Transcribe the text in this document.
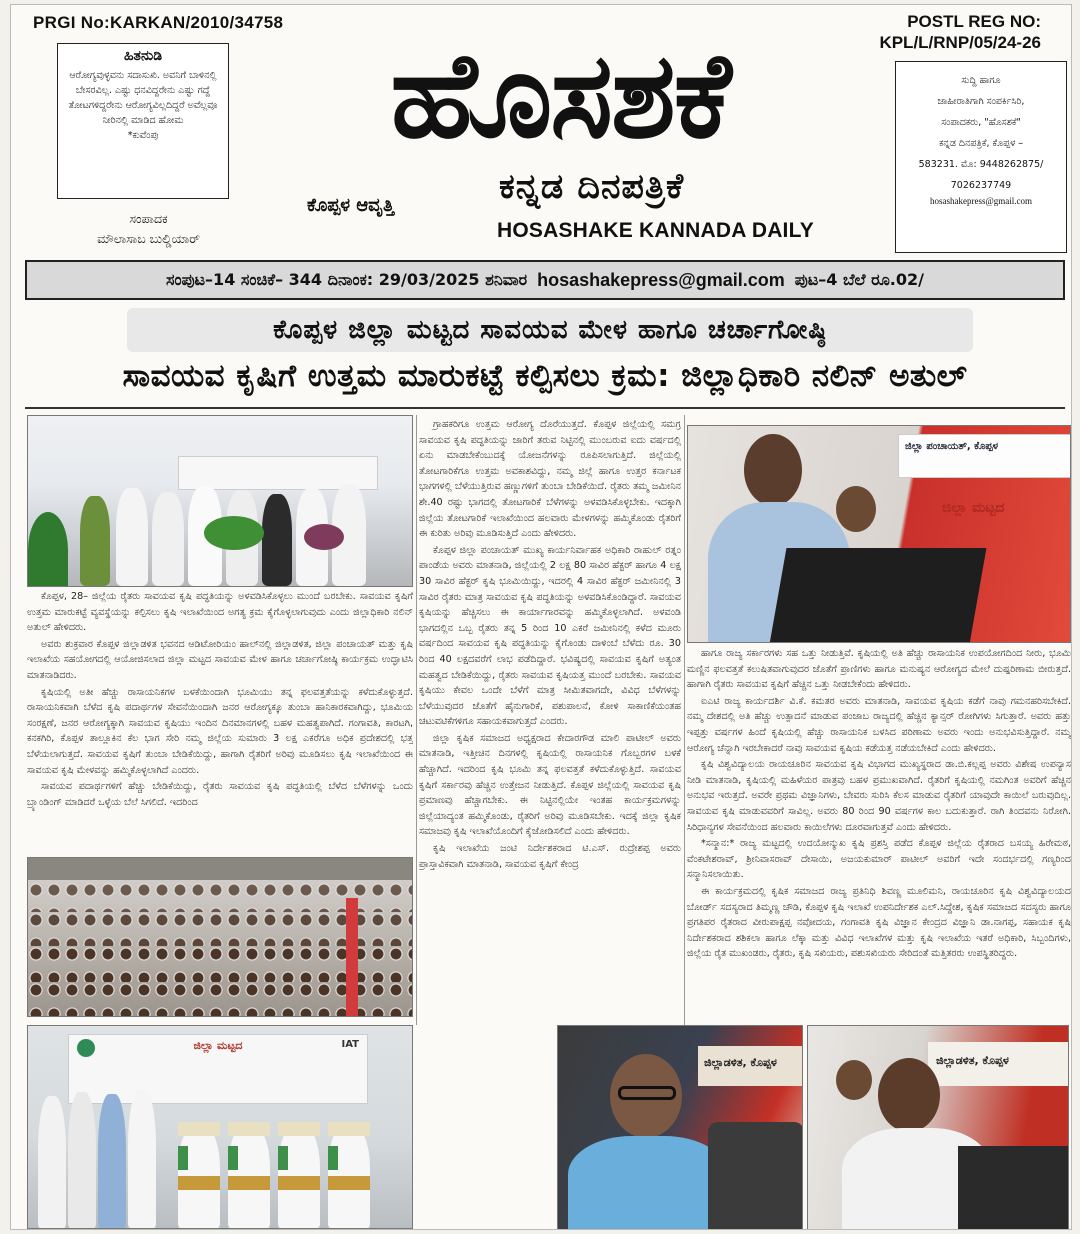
PRGI No:KARKAN/2010/34758	POSTL REG NO:
KPL/L/RNP/05/24-26
ಹಿತನುಡಿ
ಆರೋಗ್ಯವುಳ್ಳವನು ಸದಾಸುಖಿ. ಅವನಿಗೆ ಬಾಳಿನಲ್ಲಿ ಬೇಸರವಿಲ್ಲ. ಎಷ್ಟು ಧನವಿದ್ದರೇನು ಎಷ್ಟು ಗದ್ದೆ ತೋಟಗಳಿದ್ದರೇನು ಆರೋಗ್ಯವಿಲ್ಲದಿದ್ದರೆ ಅವೆಲ್ಲವೂ ನೀರಿನಲ್ಲಿ ಮಾಡಿದ ಹೋಮ
*ಕುವೆಂಪು
ಸಂಪಾದಕ
ಮೌಲಾಸಾಬ ಬುಲ್ಡಿಯಾರ್
ಹೊಸಶಕೆ
ಕನ್ನಡ ದಿನಪತ್ರಿಕೆ
ಕೊಪ್ಪಳ ಆವೃತ್ತಿ
HOSASHAKE KANNADA DAILY
ಸುದ್ದಿ ಹಾಗೂ
ಜಾಹೀರಾತಿಗಾಗಿ ಸಂಪರ್ಕಿಸಿರಿ,
ಸಂಪಾದಕರು, "ಹೊಸಶಕೆ"
ಕನ್ನಡ ದಿನಪತ್ರಿಕೆ, ಕೊಪ್ಪಳ –
583231. ಮೊ: 9448262875/
7026237749
hosashakepress@gmail.com
ಸಂಪುಟ–14 ಸಂಚಿಕೆ– 344 ದಿನಾಂಕ: 29/03/2025 ಶನಿವಾರ hosashakepress@gmail.com ಪುಟ–4 ಬೆಲೆ ರೂ.02/
ಕೊಪ್ಪಳ ಜಿಲ್ಲಾ ಮಟ್ಟದ ಸಾವಯವ ಮೇಳ ಹಾಗೂ ಚರ್ಚಾಗೋಷ್ಠಿ
ಸಾವಯವ ಕೃಷಿಗೆ ಉತ್ತಮ ಮಾರುಕಟ್ಟೆ ಕಲ್ಪಿಸಲು ಕ್ರಮ: ಜಿಲ್ಲಾಧಿಕಾರಿ ನಲಿನ್ ಅತುಲ್

ಕೊಪ್ಪಳ, 28– ಜಿಲ್ಲೆಯ ರೈತರು ಸಾವಯವ ಕೃಷಿ ಪದ್ಧತಿಯನ್ನು ಅಳವಡಿಸಿಕೊಳ್ಳಲು ಮುಂದೆ ಬರಬೇಕು. ಸಾವಯವ ಕೃಷಿಗೆ ಉತ್ತಮ ಮಾರುಕಟ್ಟೆ ವ್ಯವಸ್ಥೆಯನ್ನು ಕಲ್ಪಿಸಲು ಕೃಷಿ ಇಲಾಖೆಯಿಂದ ಅಗತ್ಯ ಕ್ರಮ ಕೈಗೊಳ್ಳಲಾಗುವುದು ಎಂದು ಜಿಲ್ಲಾಧಿಕಾರಿ ನಲಿನ್ ಅತುಲ್ ಹೇಳಿದರು.

ಅವರು ಶುಕ್ರವಾರ ಕೊಪ್ಪಳ ಜಿಲ್ಲಾಡಳಿತ ಭವನದ ಆಡಿಟೋರಿಯಂ ಹಾಲ್‌ನಲ್ಲಿ ಜಿಲ್ಲಾಡಳಿತ, ಜಿಲ್ಲಾ ಪಂಚಾಯತ್ ಮತ್ತು ಕೃಷಿ ಇಲಾಖೆಯ ಸಹಯೋಗದಲ್ಲಿ ಆಯೋಜಿಸಲಾದ ಜಿಲ್ಲಾ ಮಟ್ಟದ ಸಾವಯವ ಮೇಳ ಹಾಗೂ ಚರ್ಚಾಗೋಷ್ಠಿ ಕಾರ್ಯಕ್ರಮ ಉದ್ಘಾಟಿಸಿ ಮಾತನಾಡಿದರು.

ಕೃಷಿಯಲ್ಲಿ ಅತೀ ಹೆಚ್ಚು ರಾಸಾಯನಿಕಗಳ ಬಳಕೆಯಿಂದಾಗಿ ಭೂಮಿಯು ತನ್ನ ಫಲವತ್ತತೆಯನ್ನು ಕಳೆದುಕೊಳ್ಳುತ್ತದೆ. ರಾಸಾಯನಿಕವಾಗಿ ಬೆಳೆದ ಕೃಷಿ ಪದಾರ್ಥಗಳ ಸೇವನೆಯಿಂದಾಗಿ ಜನರ ಆರೋಗ್ಯಕ್ಕೂ ತುಂಬಾ ಹಾನಿಕಾರಕವಾಗಿದ್ದು, ಭೂಮಿಯ ಸಂರಕ್ಷಣೆ, ಜನರ ಆರೋಗ್ಯಕ್ಕಾಗಿ ಸಾವಯವ ಕೃಷಿಯು ಇಂದಿನ ದಿನಮಾನಗಳಲ್ಲಿ ಬಹಳ ಮಹತ್ವಪಾಗಿದೆ. ಗಂಗಾವತಿ, ಕಾರಟಗಿ, ಕನಕಗಿರಿ, ಕೊಪ್ಪಳ ತಾಲ್ಲೂಕಿನ ಕೆಲ ಭಾಗ ಸೇರಿ ನಮ್ಮ ಜಿಲ್ಲೆಯ ಸುಮಾರು 3 ಲಕ್ಷ ಎಕರೆಗೂ ಅಧಿಕ ಪ್ರದೇಶದಲ್ಲಿ ಭತ್ತ ಬೆಳೆಯಲಾಗುತ್ತದೆ. ಸಾವಯವ ಕೃಷಿಗೆ ತುಂಬಾ ಬೇಡಿಕೆಯಿದ್ದು, ಹಾಗಾಗಿ ರೈತರಿಗೆ ಅರಿವು ಮೂಡಿಸಲು ಕೃಷಿ ಇಲಾಖೆಯಿಂದ ಈ ಸಾವಯವ ಕೃಷಿ ಮೇಳವನ್ನು ಹಮ್ಮಿಕೊಳ್ಳಲಾಗಿದೆ ಎಂದರು.

ಸಾವಯವ ಪದಾರ್ಥಗಳಿಗೆ ಹೆಚ್ಚು ಬೇಡಿಕೆಯಿದ್ದು, ರೈತರು ಸಾವಯವ ಕೃಷಿ ಪದ್ಧತಿಯಲ್ಲಿ ಬೆಳೆದ ಬೆಳೆಗಳನ್ನು ಒಂದು ಬ್ರ್ಯಾಂಡಿಂಗ್ ಮಾಡಿದರೆ ಒಳ್ಳೆಯ ಬೆಲೆ ಸಿಗಲಿದೆ. ಇದರಿಂದ

ಜಿಲ್ಲಾ ಮಟ್ಟದ	IAT

ಗ್ರಾಹಕರಿಗೂ ಉತ್ತಮ ಆರೋಗ್ಯ ದೊರೆಯುತ್ತದೆ. ಕೊಪ್ಪಳ ಜಿಲ್ಲೆಯಲ್ಲಿ ಸಮಗ್ರ ಸಾವಯವ ಕೃಷಿ ಪದ್ಧತಿಯನ್ನು ಜಾರಿಗೆ ತರುವ ನಿಟ್ಟಿನಲ್ಲಿ ಮುಂಬರುವ ಐದು ವರ್ಷದಲ್ಲಿ ಏನು ಮಾಡಬೇಕೆಂಬುದಕ್ಕೆ ಯೋಜನೆಗಳನ್ನು ರೂಪಿಸಲಾಗುತ್ತಿದೆ. ಜಿಲ್ಲೆಯಲ್ಲಿ ತೋಟಗಾರಿಕೆಗೂ ಉತ್ತಮ ಅವಕಾಶವಿದ್ದು, ನಮ್ಮ ಜಿಲ್ಲೆ ಹಾಗೂ ಉತ್ತರ ಕರ್ನಾಟಕ ಭಾಗಗಳಲ್ಲಿ ಬೆಳೆಯುತ್ತಿರುವ ಹಣ್ಣುಗಳಿಗೆ ತುಂಬಾ ಬೇಡಿಕೆಯಿದೆ. ರೈತರು ತಮ್ಮ ಜಮೀನಿನ ಶೇ.40 ರಷ್ಟು ಭಾಗದಲ್ಲಿ ತೋಟಗಾರಿಕೆ ಬೆಳೆಗಳನ್ನು ಅಳವಡಿಸಿಕೊಳ್ಳಬೇಕು. ಇದಕ್ಕಾಗಿ ಜಿಲ್ಲೆಯ ತೋಟಗಾರಿಕೆ ಇಲಾಖೆಯಿಂದ ಹಲವಾರು ಮೇಳಗಳನ್ನು ಹಮ್ಮಿಕೊಂಡು ರೈತರಿಗೆ ಈ ಕುರಿತು ಅರಿವು ಮೂಡಿಸುತ್ತಿದೆ ಎಂದು ಹೇಳಿದರು.

ಕೊಪ್ಪಳ ಜಿಲ್ಲಾ ಪಂಚಾಯತ್ ಮುಖ್ಯ ಕಾರ್ಯನಿರ್ವಾಹಕ ಅಧಿಕಾರಿ ರಾಹುಲ್ ರತ್ನಂ ಪಾಂಡೆಯ ಅವರು ಮಾತನಾಡಿ, ಜಿಲ್ಲೆಯಲ್ಲಿ 2 ಲಕ್ಷ 80 ಸಾವಿರ ಹೆಕ್ಟರ್ ಹಾಗೂ 4 ಲಕ್ಷ 30 ಸಾವಿರ ಹೆಕ್ಟರ್ ಕೃಷಿ ಭೂಮಿಯಿದ್ದು, ಇದರಲ್ಲಿ 4 ಸಾವಿರ ಹೆಕ್ಟರ್ ಜಮೀನಿನಲ್ಲಿ 3 ಸಾವಿರ ರೈತರು ಮಾತ್ರ ಸಾವಯವ ಕೃಷಿ ಪದ್ಧತಿಯನ್ನು ಅಳವಡಿಸಿಕೊಂಡಿದ್ದಾರೆ. ಸಾವಯವ ಕೃಷಿಯನ್ನು ಹೆಚ್ಚಿಸಲು ಈ ಕಾರ್ಯಾಗಾರವನ್ನು ಹಮ್ಮಿಕೊಳ್ಳಲಾಗಿದೆ. ಅಳವಂಡಿ ಭಾಗದಲ್ಲಿನ ಒಬ್ಬ ರೈತರು ತನ್ನ 5 ರಿಂದ 10 ಎಕರೆ ಜಮೀನಿನಲ್ಲಿ ಕಳೆದ ಮೂರು ವರ್ಷದಿಂದ ಸಾವಯವ ಕೃಷಿ ಪದ್ಧತಿಯನ್ನು ಕೈಗೊಂಡು ದಾಳಿಂಬೆ ಬೆಳೆದು ರೂ. 30 ರಿಂದ 40 ಲಕ್ಷದವರೆಗೆ ಲಾಭ ಪಡೆದಿದ್ದಾರೆ. ಭವಿಷ್ಯದಲ್ಲಿ ಸಾವಯವ ಕೃಷಿಗೆ ಅತ್ಯಂತ ಮಹತ್ವದ ಬೇಡಿಕೆಯಿದ್ದು, ರೈತರು ಸಾವಯವ ಕೃಷಿಯತ್ತ ಮುಂದೆ ಬರಬೇಕು. ಸಾವಯವ ಕೃಷಿಯು ಕೇವಲ ಒಂದೇ ಬೆಳೆಗೆ ಮಾತ್ರ ಸೀಮಿತವಾಗದೇ, ವಿವಿಧ ಬೆಳೆಗಳನ್ನು ಬೆಳೆಯುವುದರ ಜೊತೆಗೆ ಹೈನುಗಾರಿಕೆ, ಪಶುಪಾಲನೆ, ಕೋಳಿ ಸಾಕಾಣಿಕೆಯಂತಹ ಚಟುವಟಿಕೆಗಳಿಗೂ ಸಹಾಯಕವಾಗುತ್ತದೆ ಎಂದರು.

ಜಿಲ್ಲಾ ಕೃಷಿಕ ಸಮಾಜದ ಅಧ್ಯಕ್ಷರಾದ ಕೇದಾರಗೌಡ ಮಾಲಿ ಪಾಟೀಲ್ ಅವರು ಮಾತನಾಡಿ, ಇತ್ತೀಚಿನ ದಿನಗಳಲ್ಲಿ ಕೃಷಿಯಲ್ಲಿ ರಾಸಾಯನಿಕ ಗೊಬ್ಬರಗಳ ಬಳಕೆ ಹೆಚ್ಚಾಗಿದೆ. ಇದರಿಂದ ಕೃಷಿ ಭೂಮಿ ತನ್ನ ಫಲವತ್ತತೆ ಕಳೆದುಕೊಳ್ಳುತ್ತಿದೆ. ಸಾವಯವ ಕೃಷಿಗೆ ಸರ್ಕಾರವು ಹೆಚ್ಚಿನ ಉತ್ತೇಜನ ನೀಡುತ್ತಿದೆ. ಕೊಪ್ಪಳ ಜಿಲ್ಲೆಯಲ್ಲಿ ಸಾವಯವ ಕೃಷಿ ಪ್ರಮಾಣವು ಹೆಚ್ಚಾಗಬೇಕು. ಈ ನಿಟ್ಟಿನಲ್ಲಿಯೇ ಇಂತಹ ಕಾರ್ಯಕ್ರಮಗಳನ್ನು ಜಿಲ್ಲೆಯಾದ್ಯಂತ ಹಮ್ಮಿಕೊಂಡು, ರೈತರಿಗೆ ಅರಿವು ಮೂಡಿಸಬೇಕು. ಇದಕ್ಕೆ ಜಿಲ್ಲಾ ಕೃಷಿಕ ಸಮಾಜವು ಕೃಷಿ ಇಲಾಖೆಯೊಂದಿಗೆ ಕೈಜೋಡಿಸಲಿದೆ ಎಂದು ಹೇಳಿದರು.

ಕೃಷಿ ಇಲಾಖೆಯ ಜಂಟಿ ನಿರ್ದೇಶಕರಾದ ಟಿ.ಎಸ್. ರುದ್ರೇಶಪ್ಪ ಅವರು ಪ್ರಾಸ್ತಾವಿಕವಾಗಿ ಮಾತನಾಡಿ, ಸಾವಯವ ಕೃಷಿಗೆ ಕೇಂದ್ರ

ಜಿಲ್ಲಾ ಪಂಚಾಯತ್, ಕೊಪ್ಪಳ
ಜಿಲ್ಲಾ ಮಟ್ಟದ

ಹಾಗೂ ರಾಜ್ಯ ಸರ್ಕಾರಗಳು ಸಹ ಒತ್ತು ನೀಡುತ್ತಿವೆ. ಕೃಷಿಯಲ್ಲಿ ಅತಿ ಹೆಚ್ಚು ರಾಸಾಯನಿಕ ಉಪಯೋಗದಿಂದ ನೀರು, ಭೂಮಿ ಮಣ್ಣಿನ ಫಲವತ್ತತೆ ಕಲುಷಿತವಾಗುವುದರ ಜೊತೆಗೆ ಪ್ರಾಣಿಗಳು ಹಾಗೂ ಮನುಷ್ಯನ ಆರೋಗ್ಯದ ಮೇಲೆ ದುಷ್ಪರಿಣಾಮ ಬೀರುತ್ತದೆ. ಹಾಗಾಗಿ ರೈತರು ಸಾವಯವ ಕೃಷಿಗೆ ಹೆಚ್ಚಿನ ಒತ್ತು ನೀಡಬೇಕೆಂದು ಹೇಳಿದರು.

ಐಎಟಿ ರಾಜ್ಯ ಕಾರ್ಯದರ್ಶಿ ವಿ.ಕೆ. ಕಮತರ ಅವರು ಮಾತನಾಡಿ, ಸಾವಯವ ಕೃಷಿಯ ಕಡೆಗೆ ನಾವು ಗಮನಹರಿಸಬೇಕಿದೆ. ನಮ್ಮ ದೇಶದಲ್ಲಿ ಅತಿ ಹೆಚ್ಚು ಉತ್ಪಾದನೆ ಮಾಡುವ ಪಂಜಾಬ ರಾಜ್ಯದಲ್ಲಿ ಹೆಚ್ಚಿನ ಕ್ಯಾನ್ಸರ್ ರೋಗಿಗಳು ಸಿಗುತ್ತಾರೆ. ಅವರು ಹತ್ತು ಇಪ್ಪತ್ತು ವರ್ಷಗಳ ಹಿಂದೆ ಕೃಷಿಯಲ್ಲಿ ಹೆಚ್ಚು ರಾಸಾಯನಿಕ ಬಳಸಿದ ಪರಿಣಾಮ ಅವರು ಇಂದು ಅನುಭವಿಸುತ್ತಿದ್ದಾರೆ. ನಮ್ಮ ಆರೋಗ್ಯ ಚೆನ್ನಾಗಿ ಇರಬೇಕಾದರೆ ನಾವು ಸಾವಯವ ಕೃಷಿಯ ಕಡೆಯತ್ತ ನಡೆಯಬೇಕಿದೆ ಎಂದು ಹೇಳಿದರು.

ಕೃಷಿ ವಿಶ್ವವಿದ್ಯಾಲಯ ರಾಯಚೂರಿನ ಸಾವಯವ ಕೃಷಿ ವಿಭಾಗದ ಮುಖ್ಯಸ್ಥರಾದ ಡಾ.ಬಿ.ಕಲ್ಲಪ್ಪ ಅವರು ವಿಶೇಷ ಉಪನ್ಯಾಸ ನೀಡಿ ಮಾತನಾಡಿ, ಕೃಷಿಯಲ್ಲಿ ಮಹಿಳೆಯರ ಪಾತ್ರವು ಬಹಳ ಪ್ರಮುಖವಾಗಿದೆ. ರೈತರಿಗೆ ಕೃಷಿಯಲ್ಲಿ ನಮಗಿಂತ ಅವರಿಗೆ ಹೆಚ್ಚಿನ ಅನುಭವ ಇರುತ್ತದೆ. ಅವರೇ ಪ್ರಥಮ ವಿಜ್ಞಾನಿಗಳು, ಬೇವರು ಸುರಿಸಿ ಕೆಲಸ ಮಾಡುವ ರೈತರಿಗೆ ಯಾವುದೇ ಕಾಯಿಲೆ ಬರುವುದಿಲ್ಲ. ಸಾವಯವ ಕೃಷಿ ಮಾಡುವವರಿಗೆ ಸಾವಿಲ್ಲ. ಅವರು 80 ರಿಂದ 90 ವರ್ಷಗಳ ಕಾಲ ಬದುಕುತ್ತಾರೆ. ರಾಗಿ ತಿಂದವನು ನಿರೋಗಿ. ಸಿರಿಧಾನ್ಯಗಳ ಸೇವನೆಯಿಂದ ಹಲವಾರು ಕಾಯಿಲೆಗಳು ದೂರವಾಗುತ್ತವೆ ಎಂದು ಹೇಳಿದರು.

*ಸನ್ಮಾನ:* ರಾಜ್ಯ ಮಟ್ಟದಲ್ಲಿ ಉದಯೋನ್ಮುಖ ಕೃಷಿ ಪ್ರಶಸ್ತಿ ಪಡೆದ ಕೊಪ್ಪಳ ಜಿಲ್ಲೆಯ ರೈತರಾದ ಬಸಯ್ಯ ಹಿರೇಮಠ, ವೆಂಕಟೇಶರಾವ್, ಶ್ರೀನಿವಾಸರಾವ್ ದೇಸಾಯಿ, ಅಜಯಕುಮಾರ್ ಪಾಟೀಲ್ ಅವರಿಗೆ ಇದೇ ಸಂದರ್ಭದಲ್ಲಿ ಗಣ್ಯರಿಂದ ಸನ್ಮಾನಿಸಲಾಯಿತು.

ಈ ಕಾರ್ಯಕ್ರಮದಲ್ಲಿ ಕೃಷಿಕ ಸಮಾಜದ ರಾಜ್ಯ ಪ್ರತಿನಿಧಿ ಶಿವಣ್ಣ ಮೂಲಿಮನಿ, ರಾಯಚೂರಿನ ಕೃಷಿ ವಿಶ್ವವಿದ್ಯಾಲಯದ ಬೋರ್ಡ್ ಸದಸ್ಯರಾದ ತಿಮ್ಮಣ್ಣ ಚೌಡಿ, ಕೊಪ್ಪಳ ಕೃಷಿ ಇಲಾಖೆ ಉಪನಿರ್ದೇಶಕ ಎಲ್.ಸಿದ್ದೇಶ, ಕೃಷಿಕ ಸಮಾಜದ ಸದಸ್ಯರು ಹಾಗೂ ಪ್ರಗತಿಪರ ರೈತರಾದ ವೀರುಪಾಕ್ಷಪ್ಪ ನವೋದಯ, ಗಂಗಾವತಿ ಕೃಷಿ ವಿಜ್ಞಾನ ಕೇಂದ್ರದ ವಿಜ್ಞಾನಿ ಡಾ.ನಾಗಪ್ಪ, ಸಹಾಯಕ ಕೃಷಿ ನಿರ್ದೇಶಕರಾದ ಶಶಿಕಲಾ ಹಾಗೂ ಲೆಕ್ಕಾ ಮತ್ತು ವಿವಿಧ ಇಲಾಖೆಗಳ ಮತ್ತು ಕೃಷಿ ಇಲಾಖೆಯ ಇತರೆ ಅಧಿಕಾರಿ, ಸಿಬ್ಬಂದಿಗಳು, ಜಿಲ್ಲೆಯ ರೈತ ಮುಖಂಡರು, ರೈತರು, ಕೃಷಿ ಸಖಿಯರು, ಪಶುಸಖಿಯರು ಸೇರಿದಂತೆ ಮತ್ತಿತರರು ಉಪಸ್ಥಿತರಿದ್ದರು.

ಜಿಲ್ಲಾಡಳಿತ, ಕೊಪ್ಪಳ	ಜಿಲ್ಲಾಡಳಿತ, ಕೊಪ್ಪಳ
